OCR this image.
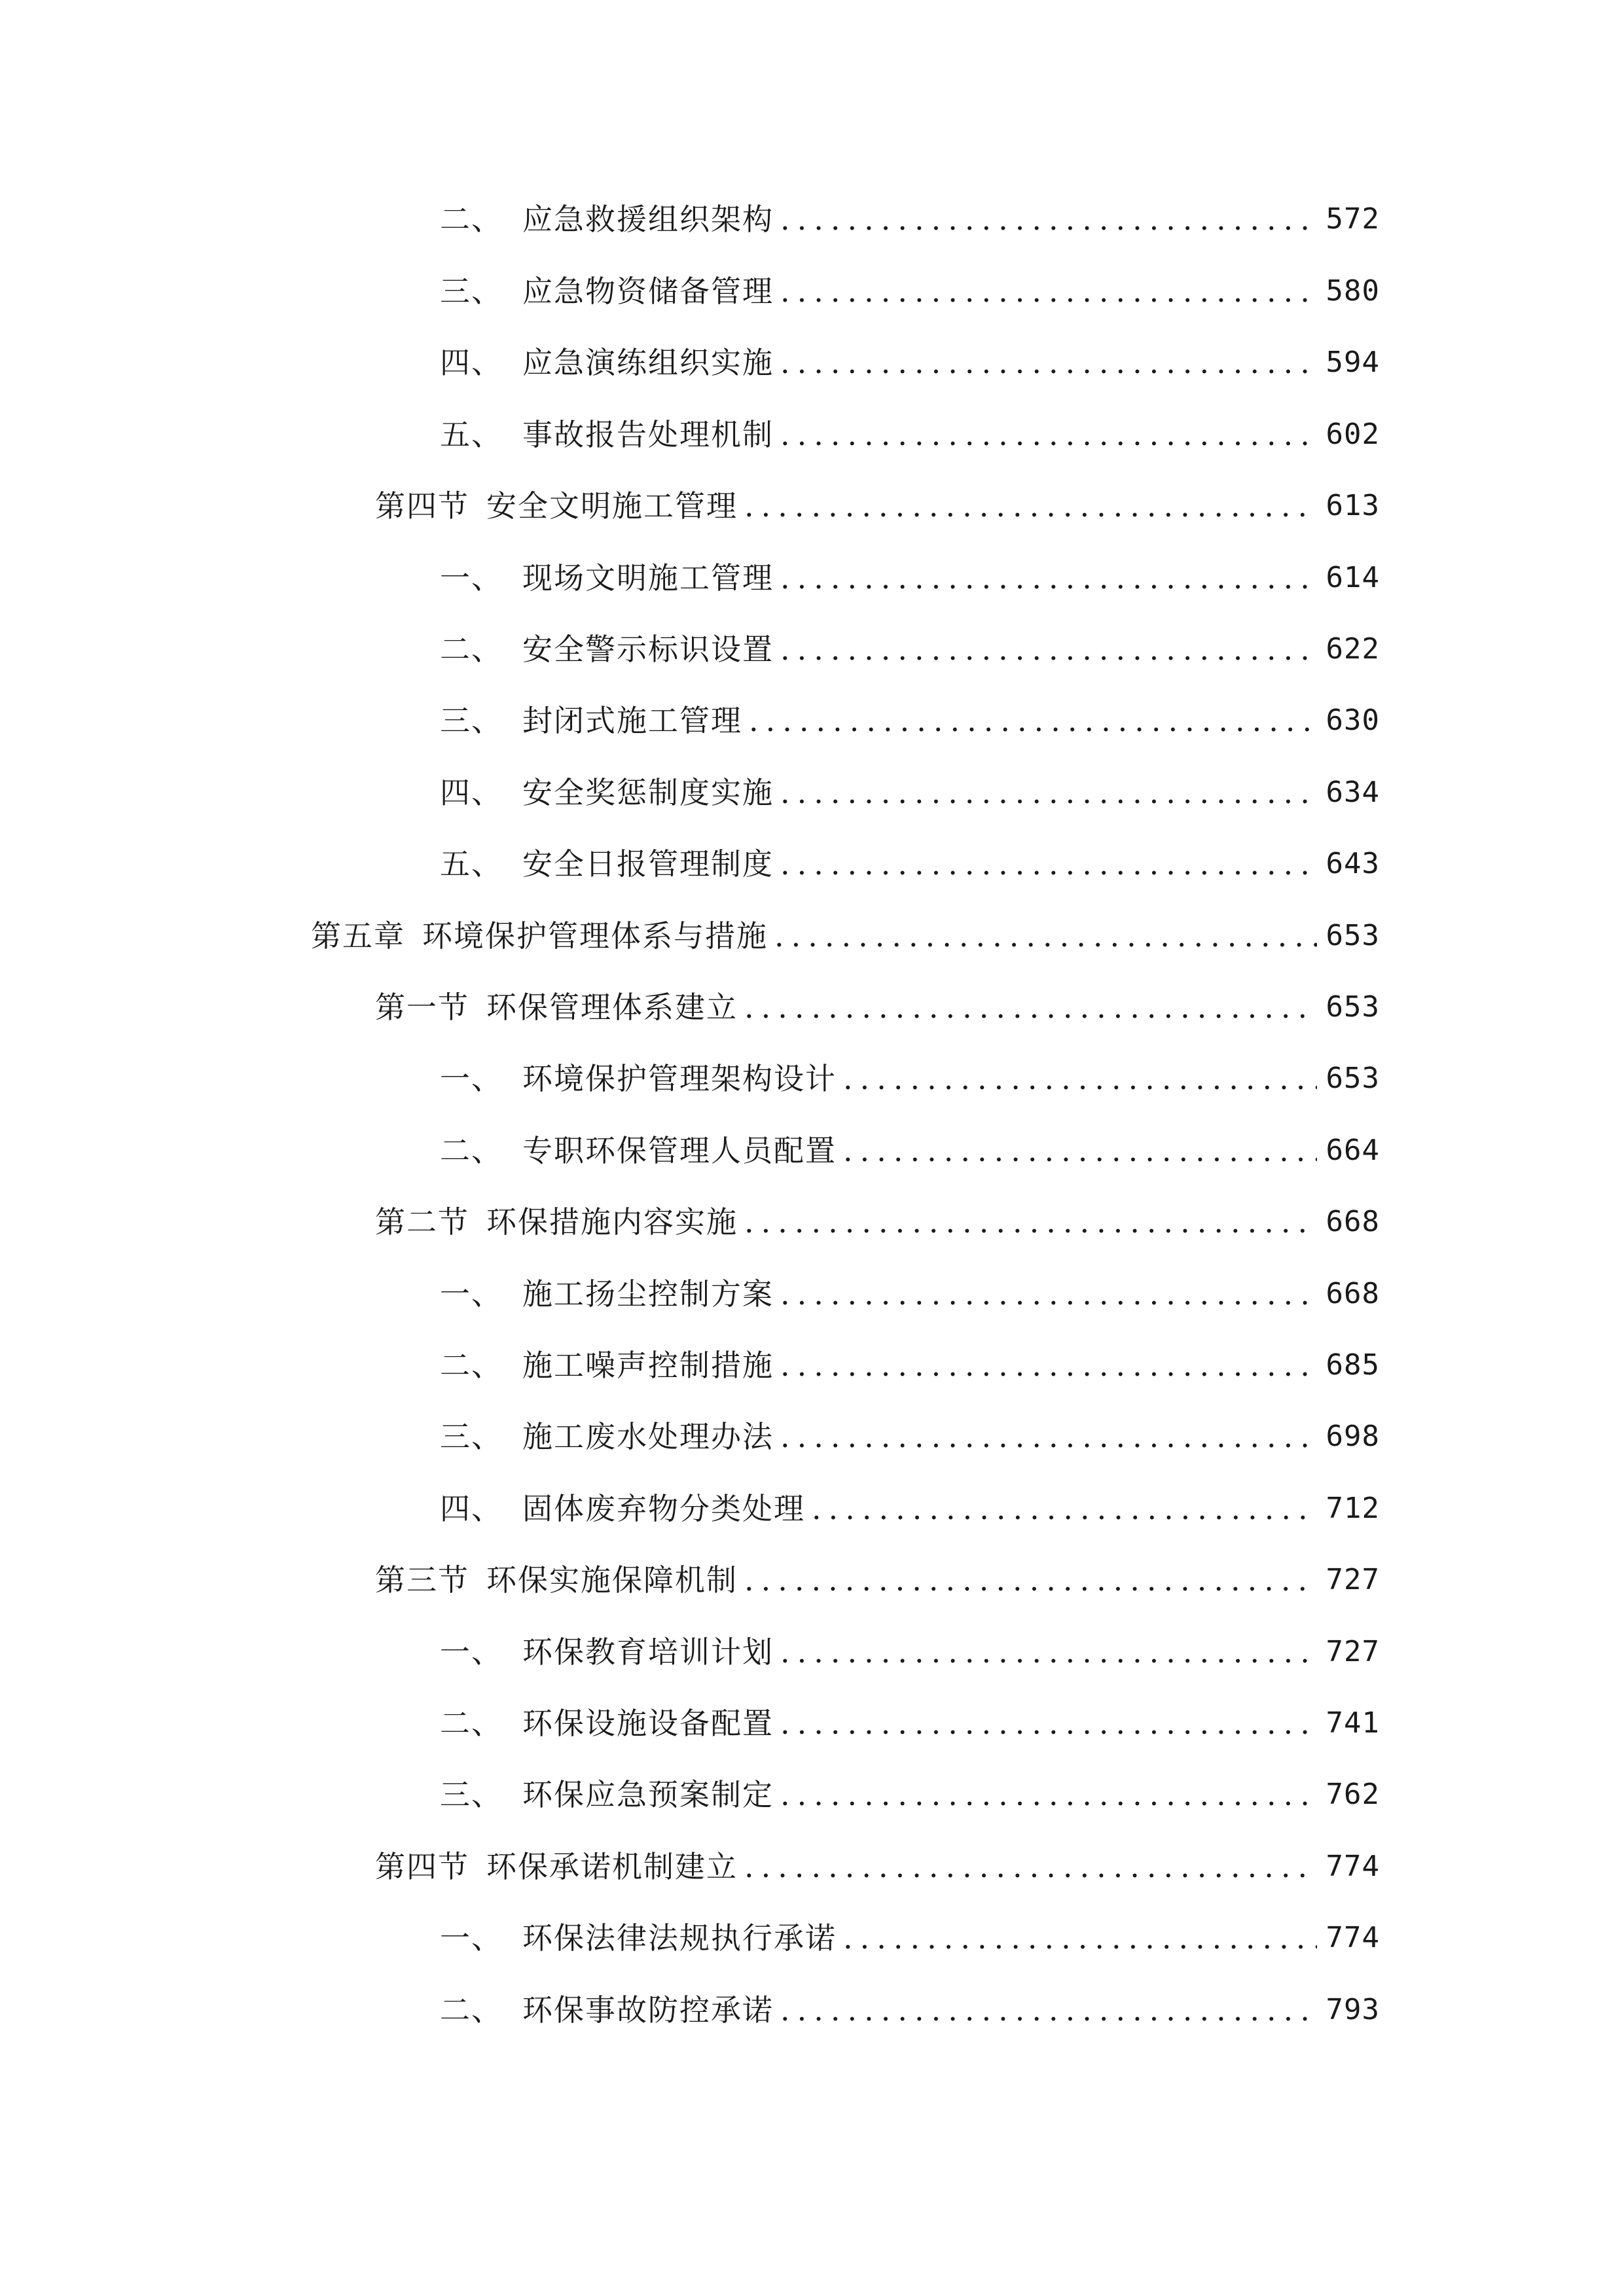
二、 应急救援组织架构 .....	572
三、 应急物资储备管理 .....	580
四、 应急演练组织实施 .....	594
五、 事故报告处理机制 .....	602
第四节 安全文明施工管理 .....	613
一、 现场文明施工管理 .....	614
二、 安全警示标识设置 .....	622
三、 封闭式施工管理 .....	630
四、 安全奖惩制度实施 .....	634
五、 安全日报管理制度 .....	643
第五章 环境保护管理体系与措施 .....	653
第一节 环保管理体系建立 .....	653
一、 环境保护管理架构设计 .....	653
二、 专职环保管理人员配置 .....	664
第二节 环保措施内容实施 .....	668
一、 施工扬尘控制方案 .....	668
二、 施工噪声控制措施 .....	685
三、 施工废水处理办法 .....	698
四、 固体废弃物分类处理 .....	712
第三节 环保实施保障机制 .....	727
一、 环保教育培训计划 .....	727
二、 环保设施设备配置 .....	741
三、 环保应急预案制定 .....	762
第四节 环保承诺机制建立 .....	774
一、 环保法律法规执行承诺 .....	774
二、 环保事故防控承诺 .....	793
